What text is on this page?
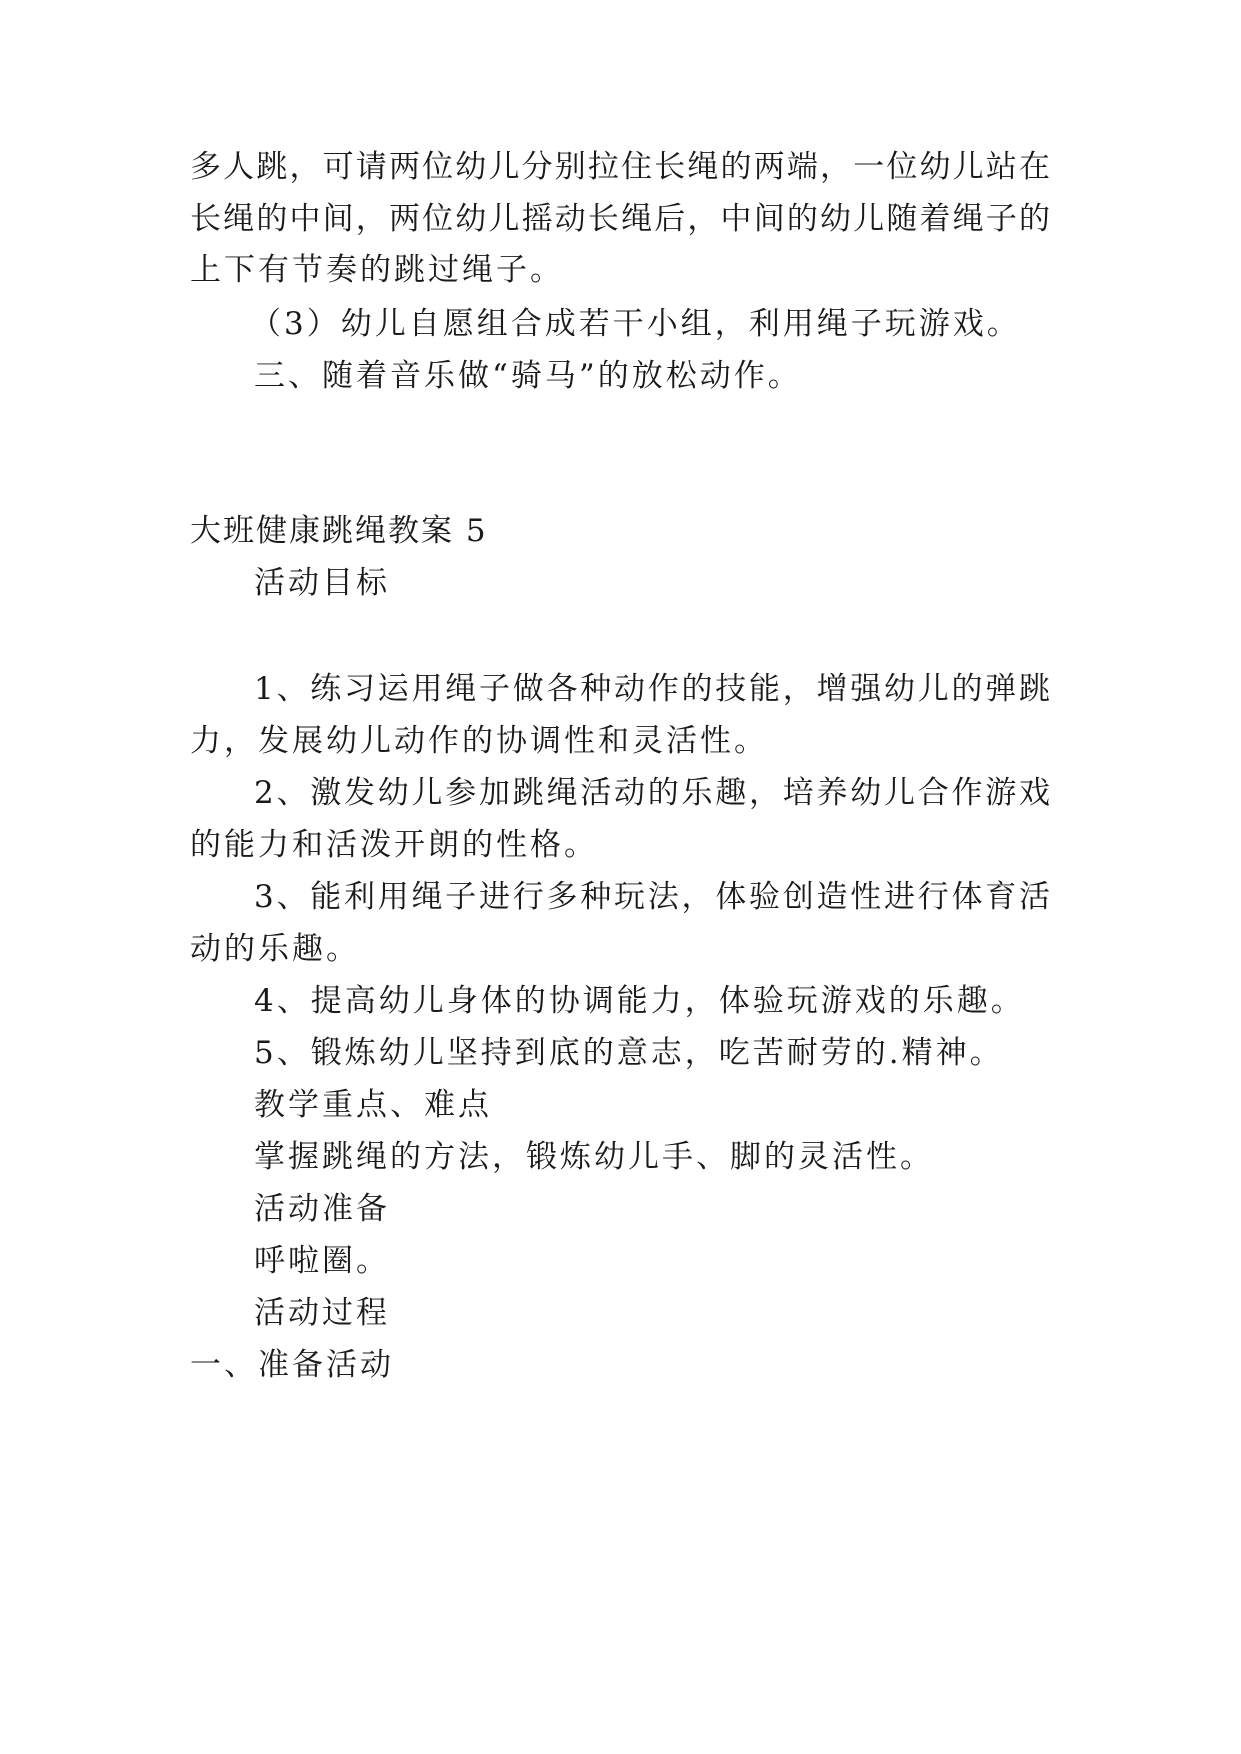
多人跳，可请两位幼儿分别拉住长绳的两端，一位幼儿站在
长绳的中间，两位幼儿摇动长绳后，中间的幼儿随着绳子的
上下有节奏的跳过绳子。
（3）幼儿自愿组合成若干小组，利用绳子玩游戏。
三、随着音乐做“骑马”的放松动作。
大班健康跳绳教案 5
活动目标
1、练习运用绳子做各种动作的技能，增强幼儿的弹跳
力，发展幼儿动作的协调性和灵活性。
2、激发幼儿参加跳绳活动的乐趣，培养幼儿合作游戏
的能力和活泼开朗的性格。
3、能利用绳子进行多种玩法，体验创造性进行体育活
动的乐趣。
4、提高幼儿身体的协调能力，体验玩游戏的乐趣。
5、锻炼幼儿坚持到底的意志，吃苦耐劳的.精神。
教学重点、难点
掌握跳绳的方法，锻炼幼儿手、脚的灵活性。
活动准备
呼啦圈。
活动过程
一、准备活动
